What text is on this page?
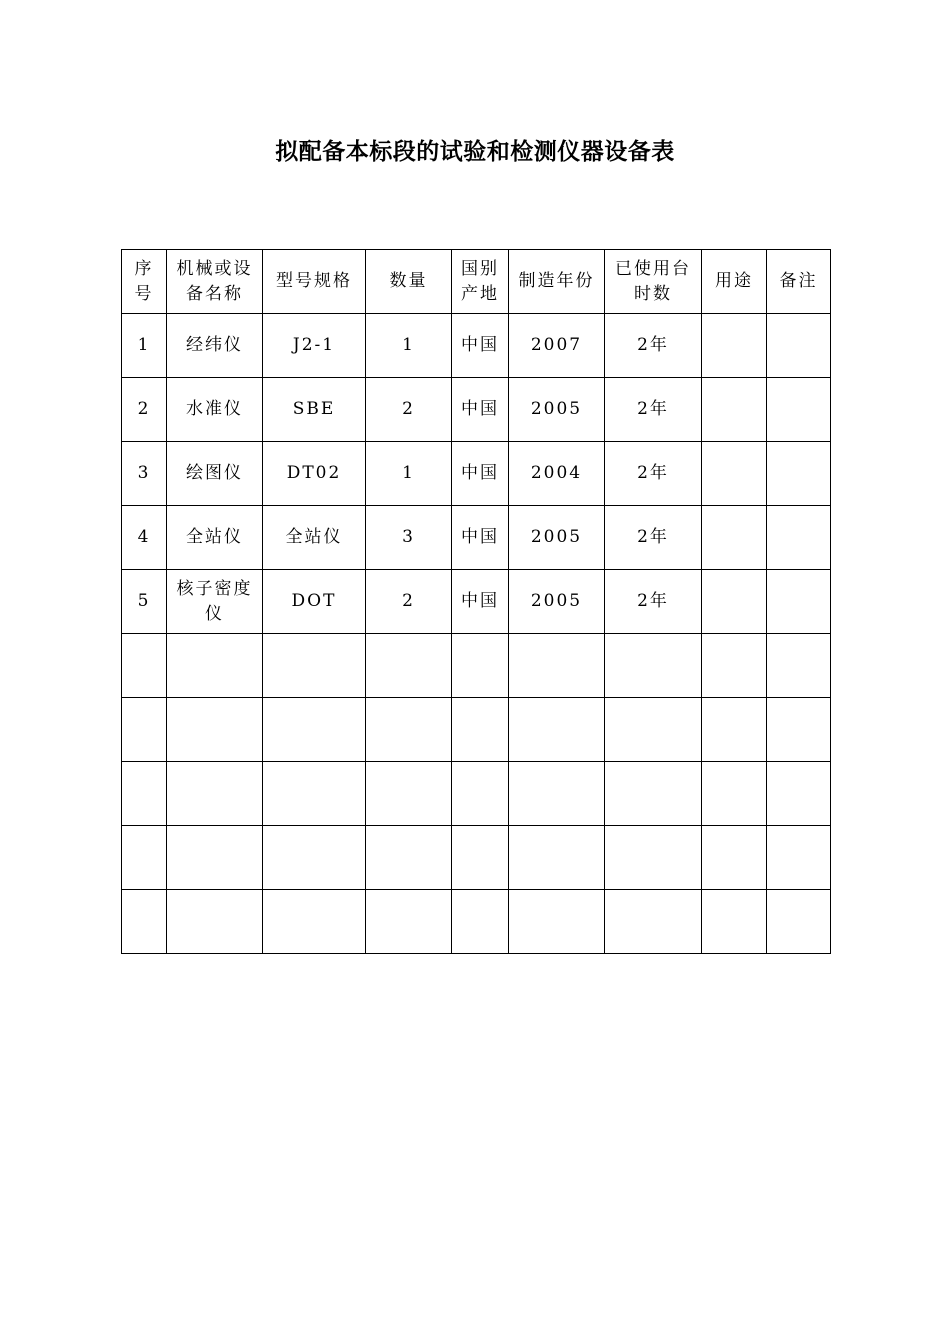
拟配备本标段的试验和检测仪器设备表
序号	机械或设备名称	型号规格	数量	国别产地	制造年份	已使用台时数	用途	备注
1	经纬仪	J2-1	1	中国	2007	2年		
2	水准仪	SBE	2	中国	2005	2年		
3	绘图仪	DT02	1	中国	2004	2年		
4	全站仪	全站仪	3	中国	2005	2年		
5	核子密度仪	DOT	2	中国	2005	2年		
